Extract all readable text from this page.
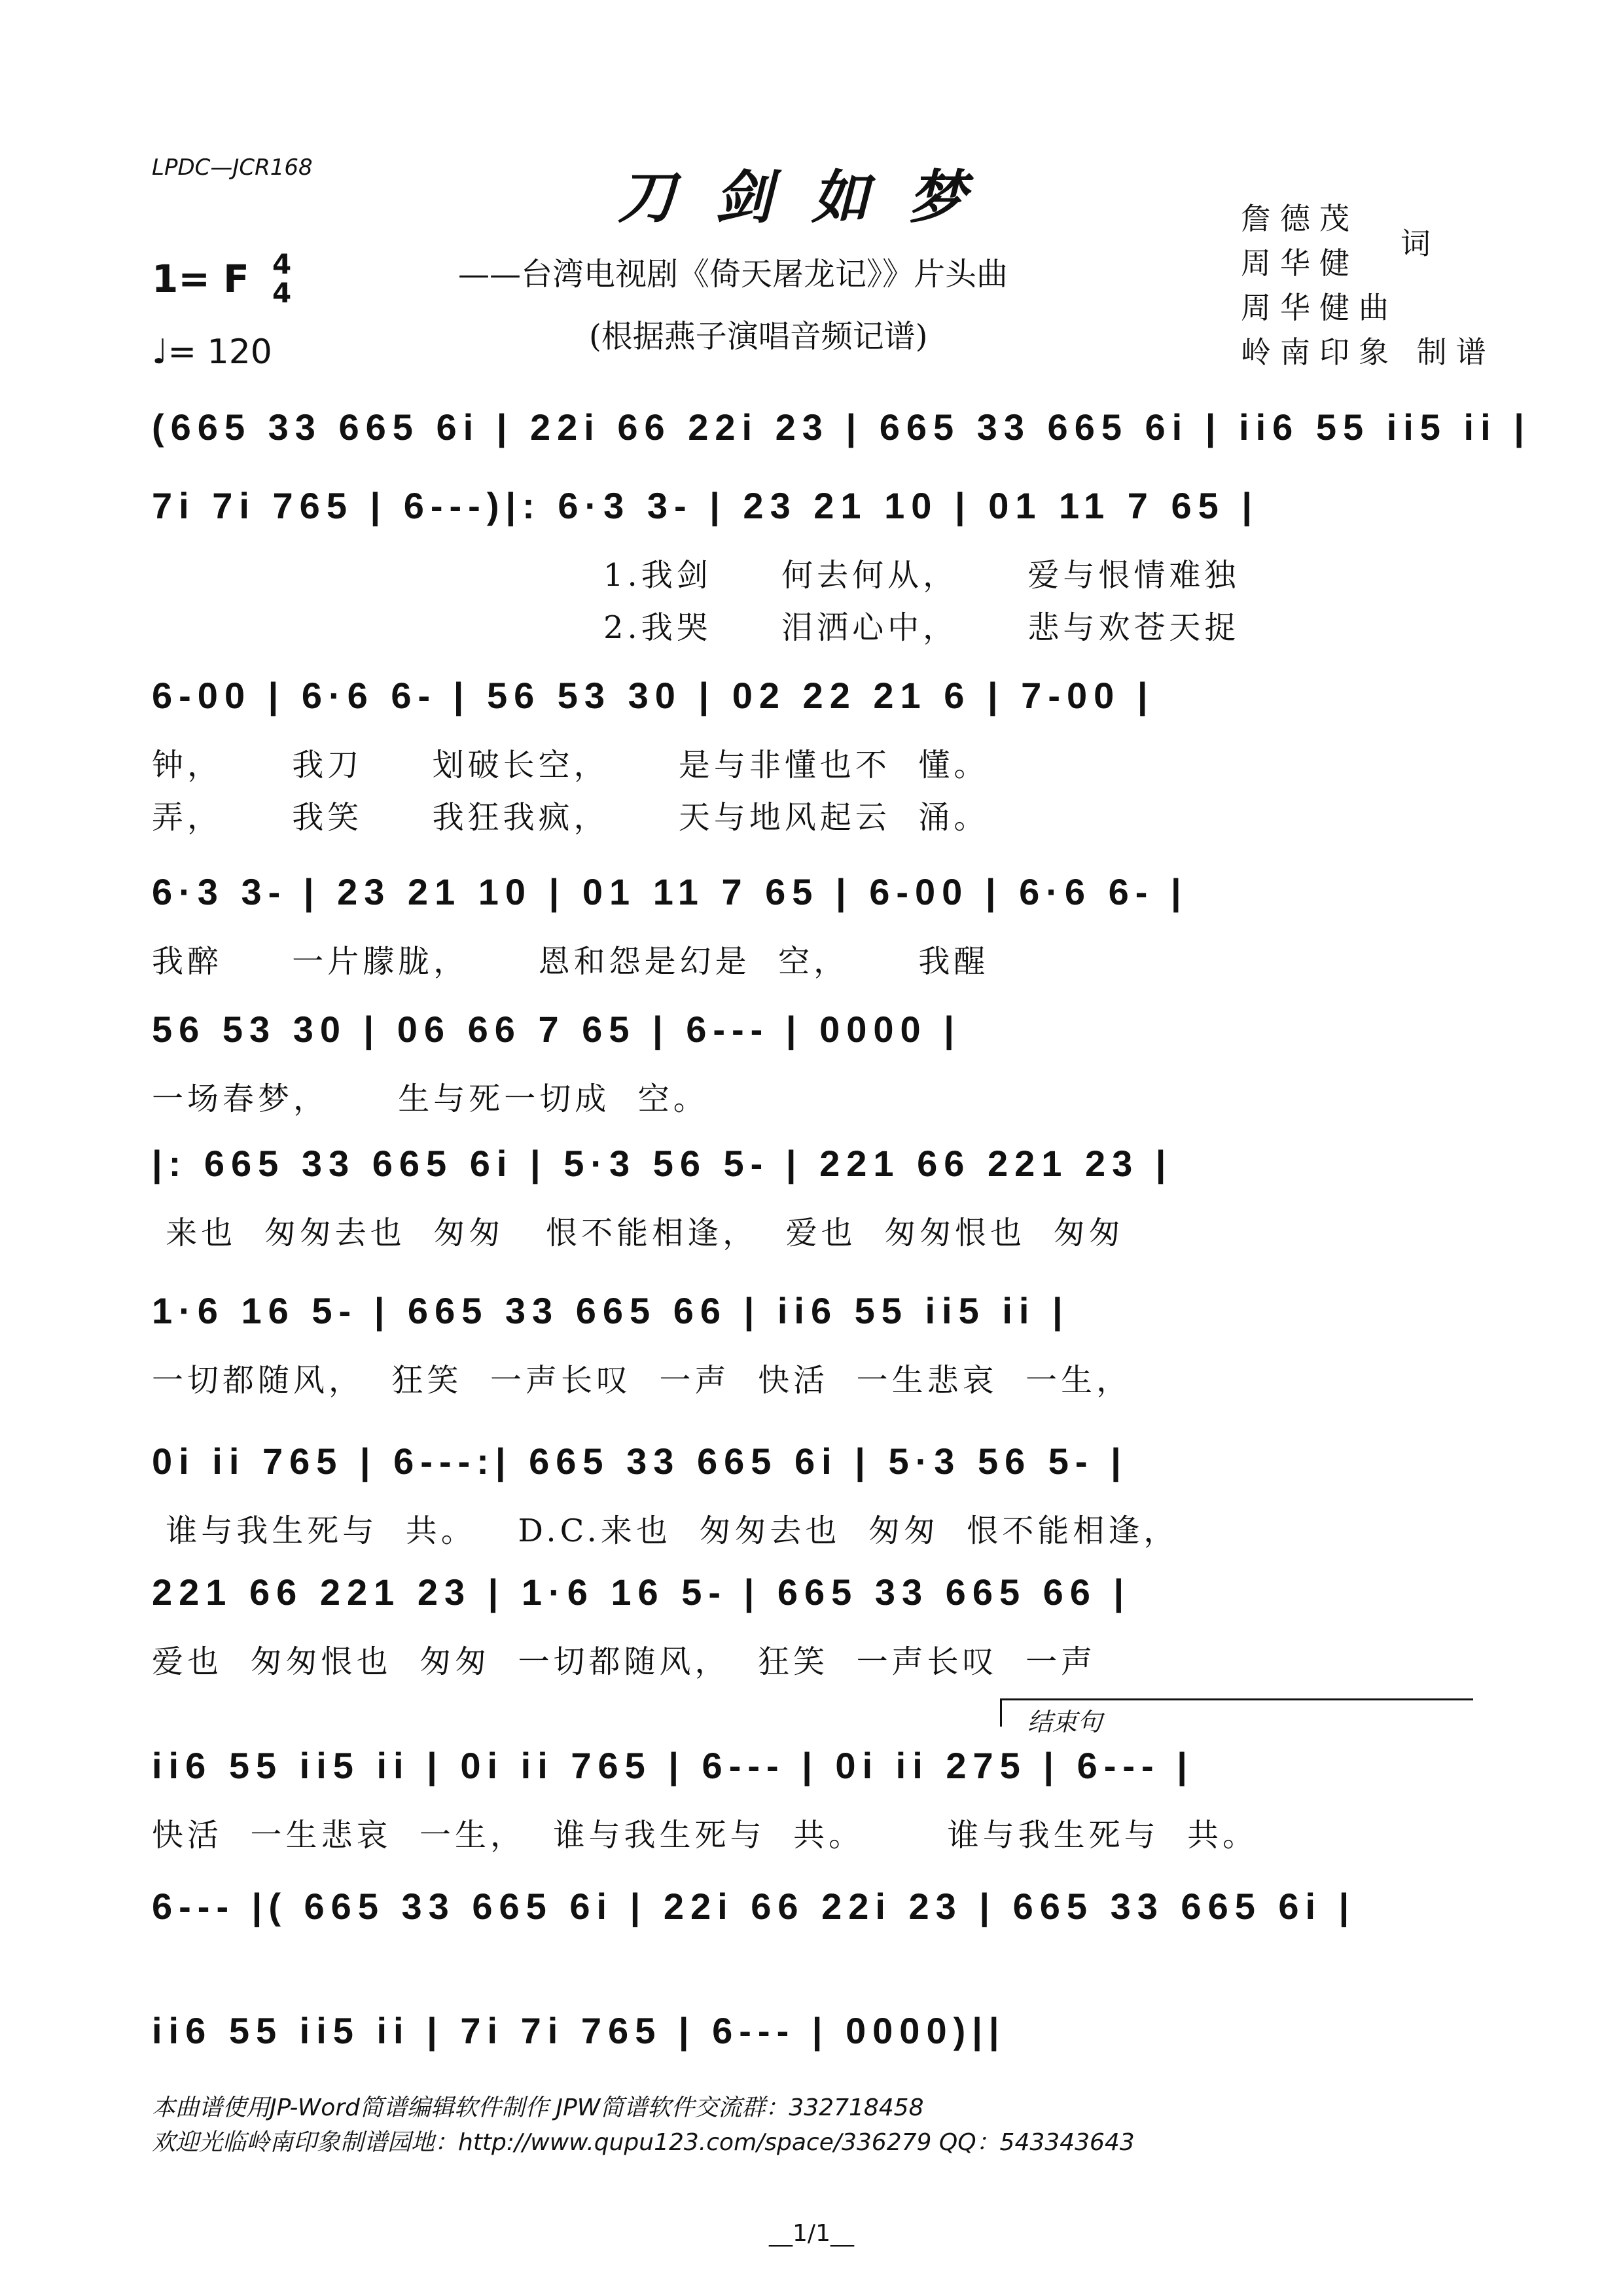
LPDC—JCR168	刀剑如梦
——台湾电视剧《倚天屠龙记》》片头曲
(根据燕子演唱音频记谱)
1= F 4
4
♩= 120
詹德茂
周华健
周华健曲
岭南印象 制谱
词
(665 33 665 6i | 22i 66 22i 23 | 665 33 665 6i | ii6 55 ii5 ii |
7i 7i 765 | 6---)|: 6·3 3- | 23 21 10 | 01 11 7 65 |
1.我剑     何去何从，     爱与恨情难独
2.我哭     泪洒心中，     悲与欢苍天捉
6-00 | 6·6 6- | 56 53 30 | 02 22 21 6 | 7-00 |
钟，     我刀     划破长空，     是与非懂也不  懂。
弄，     我笑     我狂我疯，     天与地风起云  涌。
6·3 3- | 23 21 10 | 01 11 7 65 | 6-00 | 6·6 6- |
我醉     一片朦胧，     恩和怨是幻是  空，     我醒
56 53 30 | 06 66 7 65 | 6--- | 0000 |
一场春梦，     生与死一切成  空。
|: 665 33 665 6i | 5·3 56 5- | 221 66 221 23 |
来也  匆匆去也  匆匆   恨不能相逢，  爱也  匆匆恨也  匆匆
1·6 16 5- | 665 33 665 66 | ii6 55 ii5 ii |
一切都随风，  狂笑  一声长叹  一声  快活  一生悲哀  一生，
0i ii 765 | 6---:| 665 33 665 6i | 5·3 56 5- |
谁与我生死与  共。   D.C.来也  匆匆去也  匆匆  恨不能相逢，
221 66 221 23 | 1·6 16 5- | 665 33 665 66 |
爱也  匆匆恨也  匆匆  一切都随风，  狂笑  一声长叹  一声
结束句
ii6 55 ii5 ii | 0i ii 765 | 6--- | 0i ii 275 | 6--- |
快活  一生悲哀  一生，  谁与我生死与  共。      谁与我生死与  共。
6--- |( 665 33 665 6i | 22i 66 22i 23 | 665 33 665 6i |
ii6 55 ii5 ii | 7i 7i 765 | 6--- | 0000)||
本曲谱使用JP-Word简谱编辑软件制作 JPW简谱软件交流群：332718458
欢迎光临岭南印象制谱园地：http://www.qupu123.com/space/336279 QQ：543343643
__1/1__
